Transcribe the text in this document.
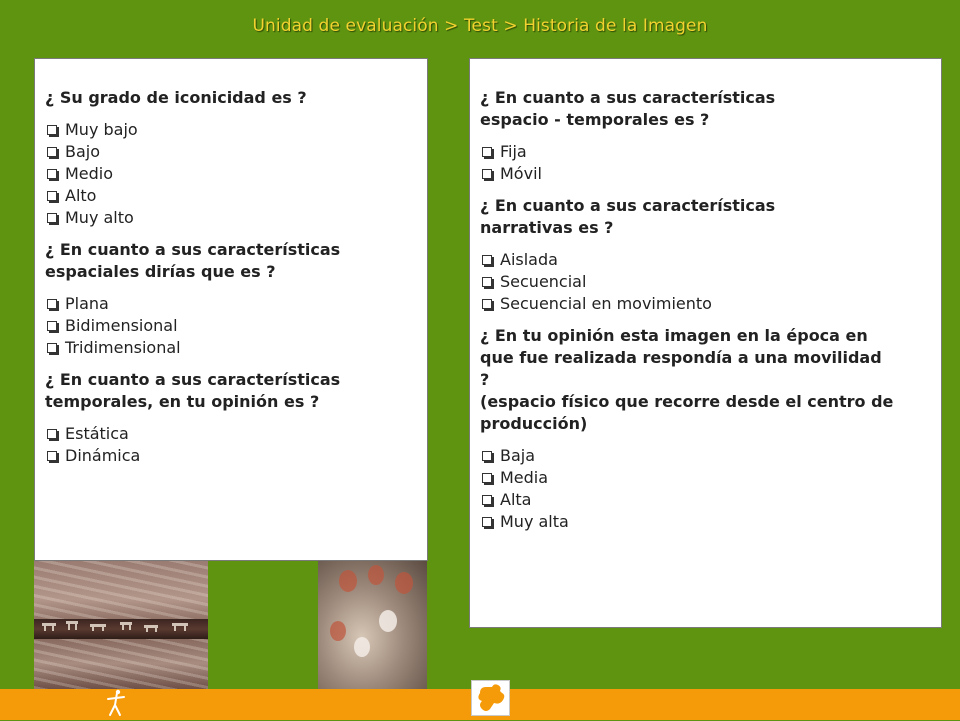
Unidad de evaluación > Test > Historia de la Imagen

¿ Su grado de iconicidad es ?

Muy bajo
Bajo
Medio
Alto
Muy alto

¿ En cuanto a sus características espaciales dirías que es ?

Plana
Bidimensional
Tridimensional

¿ En cuanto a sus características temporales, en tu opinión es ?

Estática
Dinámica

¿ En cuanto a sus características espacio - temporales es ?

Fija
Móvil

¿ En cuanto a sus características narrativas es ?

Aislada
Secuencial
Secuencial en movimiento

¿ En tu opinión esta imagen en la época en que fue realizada respondía a una movilidad ?

(espacio físico que recorre desde el centro de producción)

Baja
Media
Alta
Muy alta
